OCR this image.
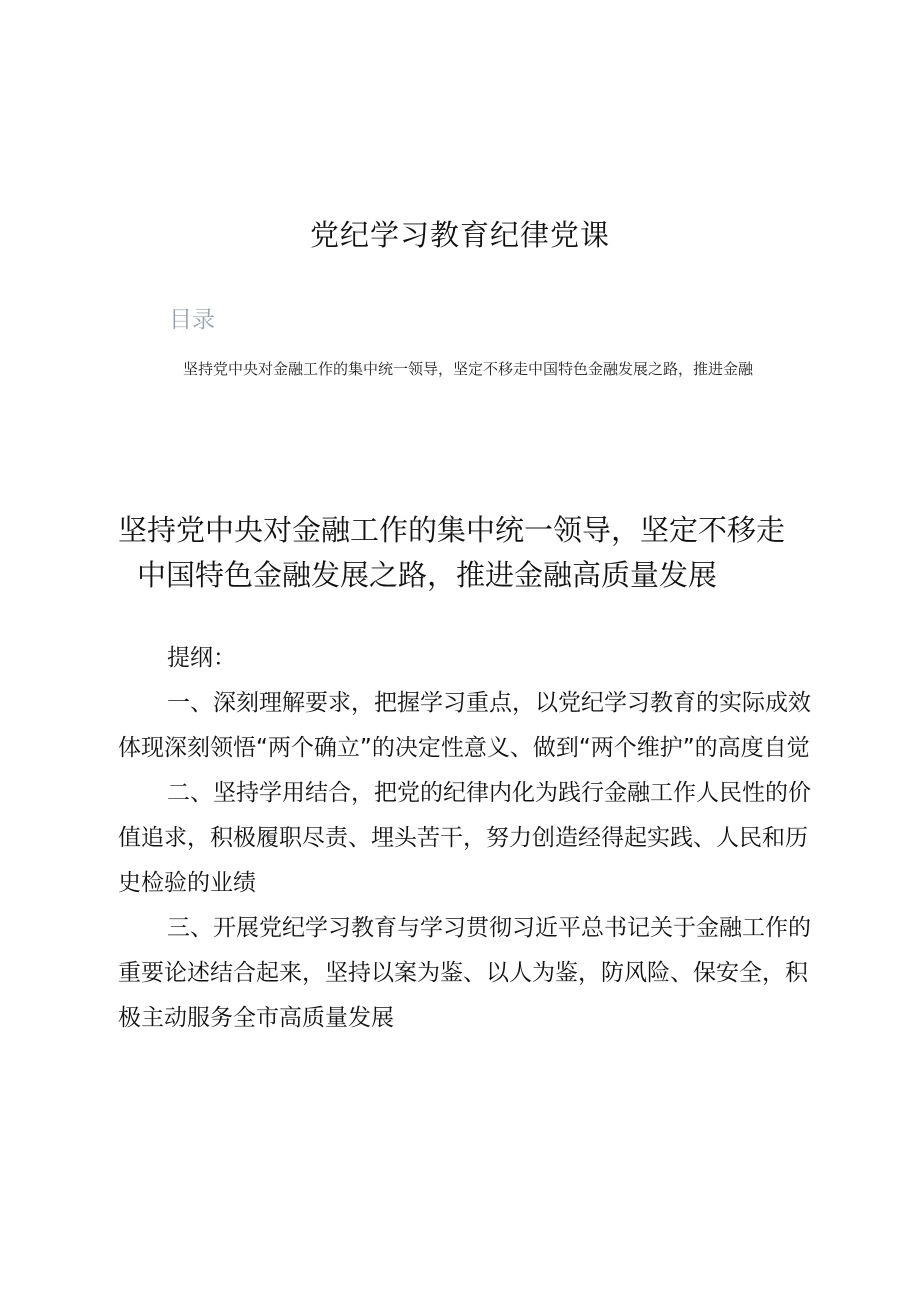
党纪学习教育纪律党课
目录
坚持党中央对金融工作的集中统一领导，坚定不移走中国特色金融发展之路，推进金融
坚持党中央对金融工作的集中统一领导，坚定不移走
中国特色金融发展之路，推进金融高质量发展

提纲：

一、深刻理解要求，把握学习重点，以党纪学习教育的实际成效体现深刻领悟“两个确立”的决定性意义、做到“两个维护”的高度自觉

二、坚持学用结合，把党的纪律内化为践行金融工作人民性的价值追求，积极履职尽责、埋头苦干，努力创造经得起实践、人民和历史检验的业绩

三、开展党纪学习教育与学习贯彻习近平总书记关于金融工作的重要论述结合起来，坚持以案为鉴、以人为鉴，防风险、保安全，积极主动服务全市高质量发展
